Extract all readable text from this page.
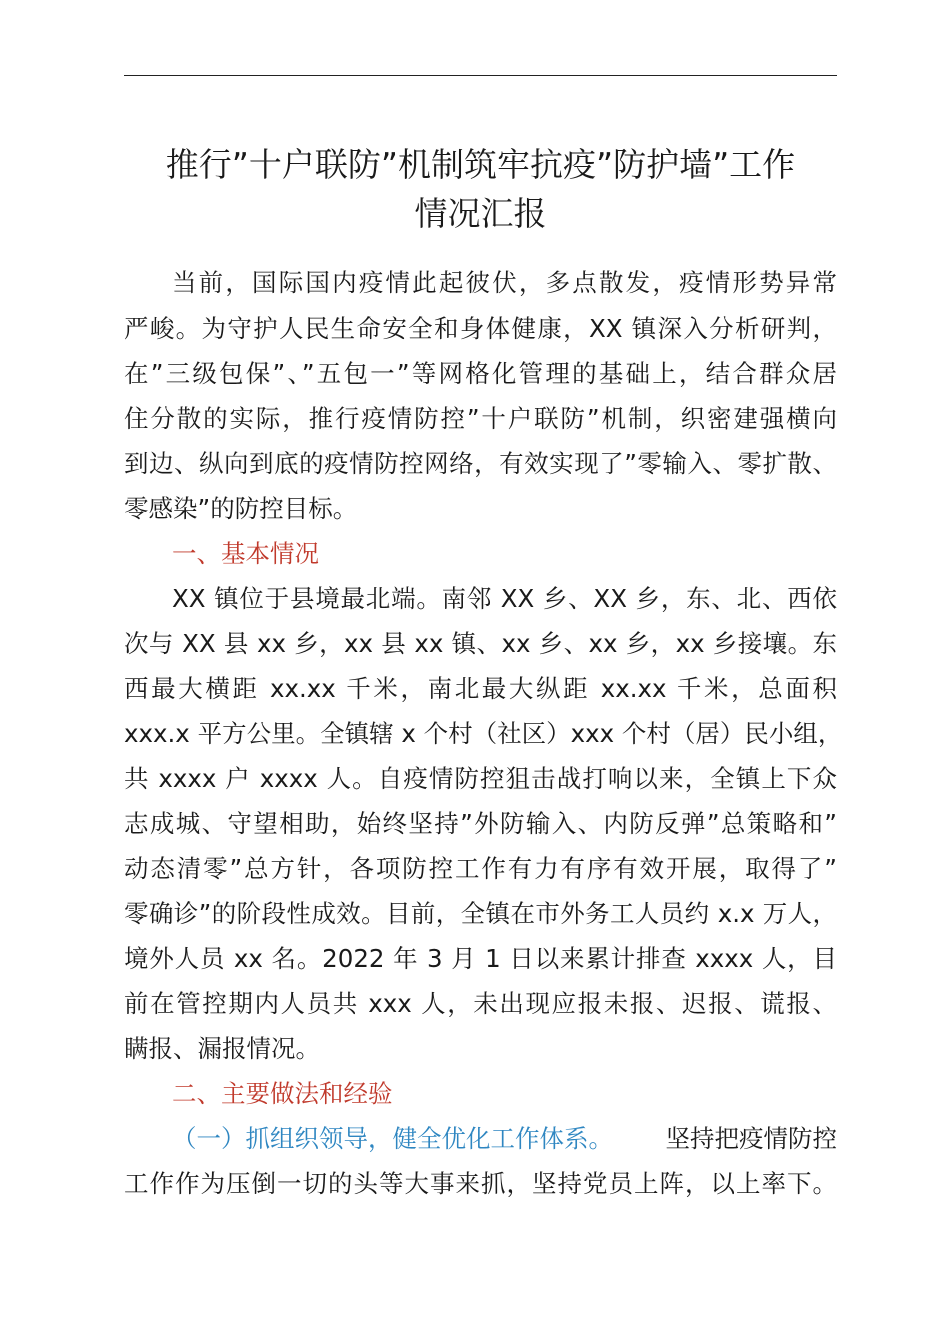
推行”十户联防”机制筑牢抗疫”防护墙”工作
情况汇报
当前，国际国内疫情此起彼伏，多点散发，疫情形势异常
严峻。为守护人民生命安全和身体健康，XX 镇深入分析研判，
在”三级包保”、”五包一”等网格化管理的基础上，结合群众居
住分散的实际，推行疫情防控”十户联防”机制，织密建强横向
到边、纵向到底的疫情防控网络，有效实现了”零输入、零扩散、
零感染”的防控目标。
一、基本情况
XX 镇位于县境最北端。南邻 XX 乡、XX 乡，东、北、西依
次与 XX 县 xx 乡，xx 县 xx 镇、xx 乡、xx 乡，xx 乡接壤。东
西最大横距 xx.xx 千米，南北最大纵距 xx.xx 千米，总面积
xxx.x 平方公里。全镇辖 x 个村（社区）xxx 个村（居）民小组，
共 xxxx 户 xxxx 人。自疫情防控狙击战打响以来，全镇上下众
志成城、守望相助，始终坚持”外防输入、内防反弹”总策略和”
动态清零”总方针，各项防控工作有力有序有效开展，取得了”
零确诊”的阶段性成效。目前，全镇在市外务工人员约 x.x 万人，
境外人员 xx 名。2022 年 3 月 1 日以来累计排查 xxxx 人，目
前在管控期内人员共 xxx 人，未出现应报未报、迟报、谎报、
瞒报、漏报情况。
二、主要做法和经验
（一）抓组织领导，健全优化工作体系。 坚持把疫情防控
工作作为压倒一切的头等大事来抓，坚持党员上阵，以上率下。
